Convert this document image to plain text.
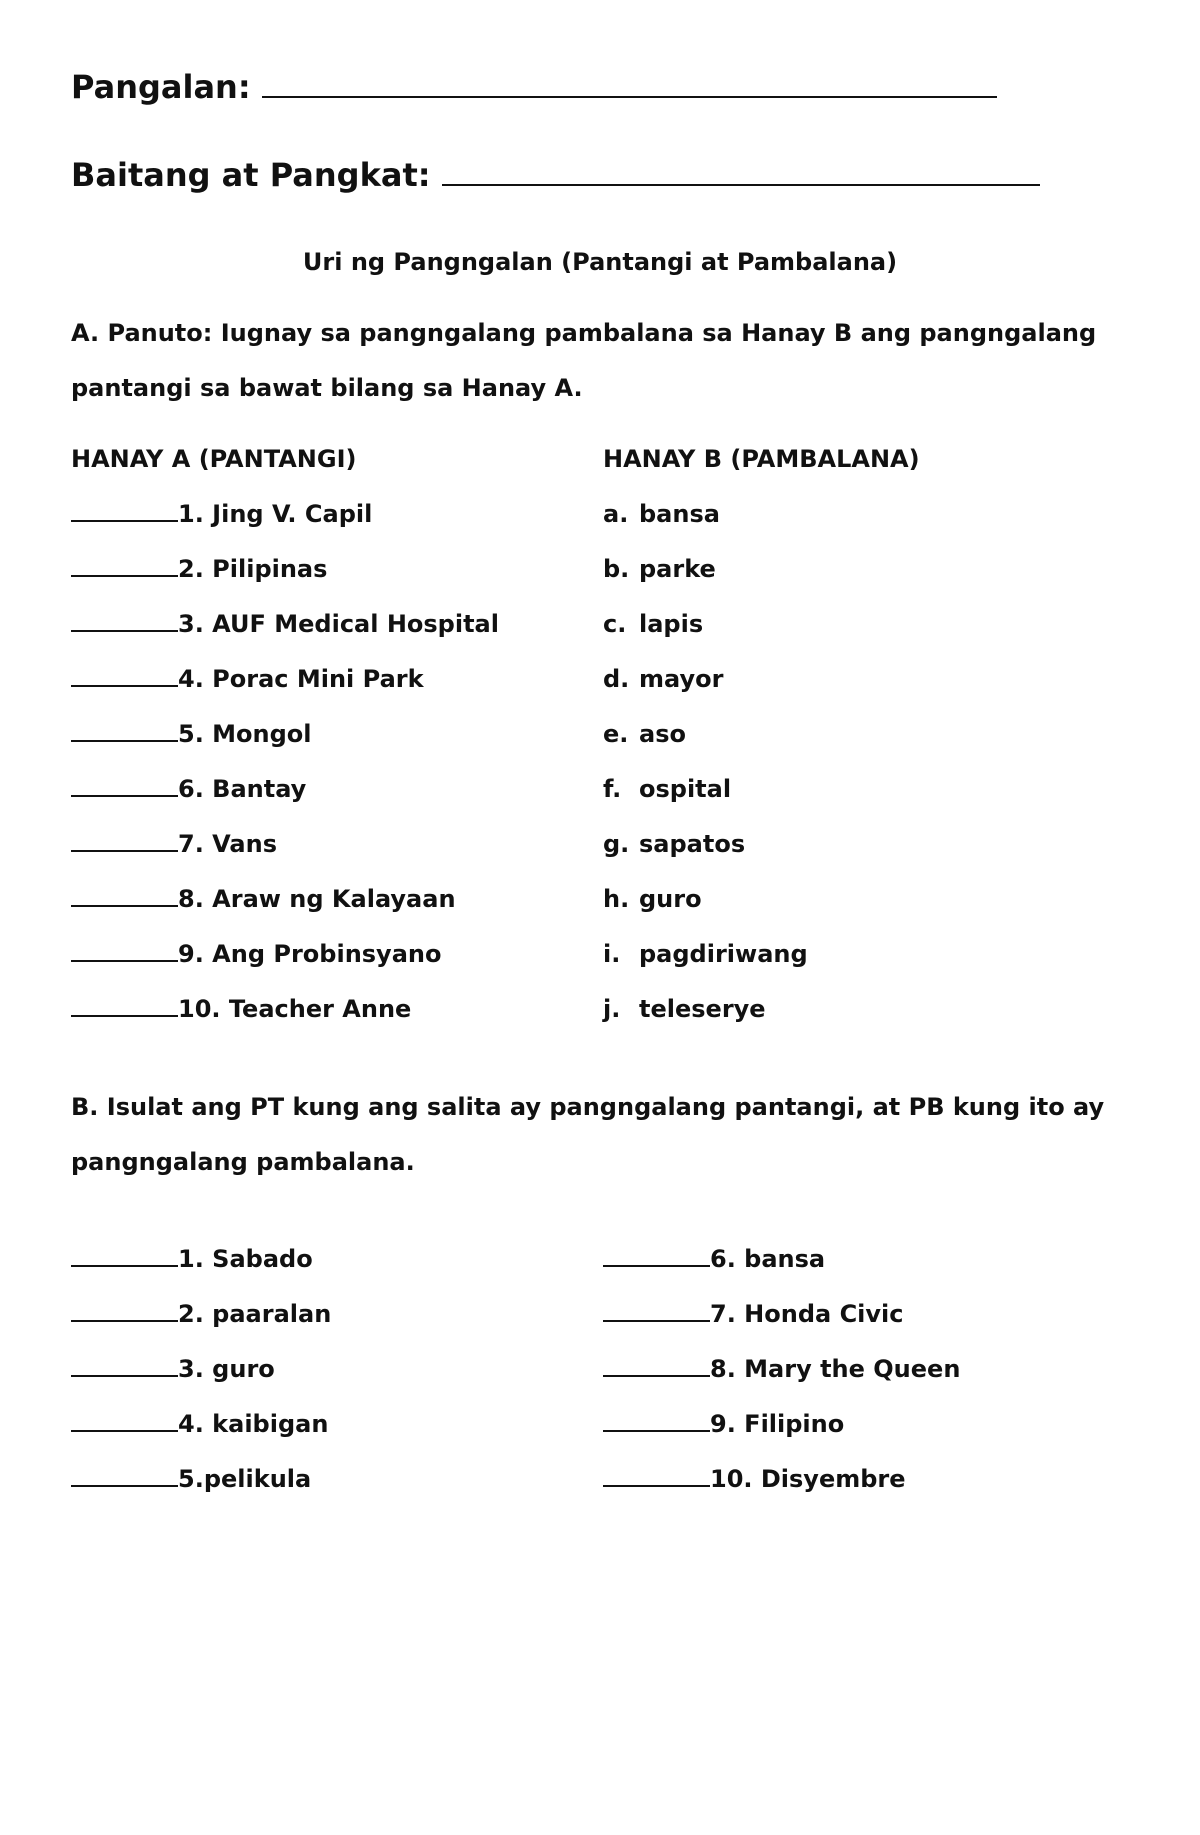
Pangalan:
Baitang at Pangkat:
Uri ng Pangngalan (Pantangi at Pambalana)
A. Panuto: Iugnay sa pangngalang pambalana sa Hanay B ang pangngalang
pantangi sa bawat bilang sa Hanay A.
HANAY A (PANTANGI)	HANAY B (PAMBALANA)
1. Jing V. Capil
2. Pilipinas
3. AUF Medical Hospital
4. Porac Mini Park
5. Mongol
6. Bantay
7. Vans
8. Araw ng Kalayaan
9. Ang Probinsyano
10. Teacher Anne
a. bansa
b. parke
c. lapis
d. mayor
e. aso
f. ospital
g. sapatos
h. guro
i. pagdiriwang
j. teleserye
B. Isulat ang PT kung ang salita ay pangngalang pantangi, at PB kung ito ay
pangngalang pambalana.
1. Sabado
2. paaralan
3. guro
4. kaibigan
5.pelikula
6. bansa
7. Honda Civic
8. Mary the Queen
9. Filipino
10. Disyembre
